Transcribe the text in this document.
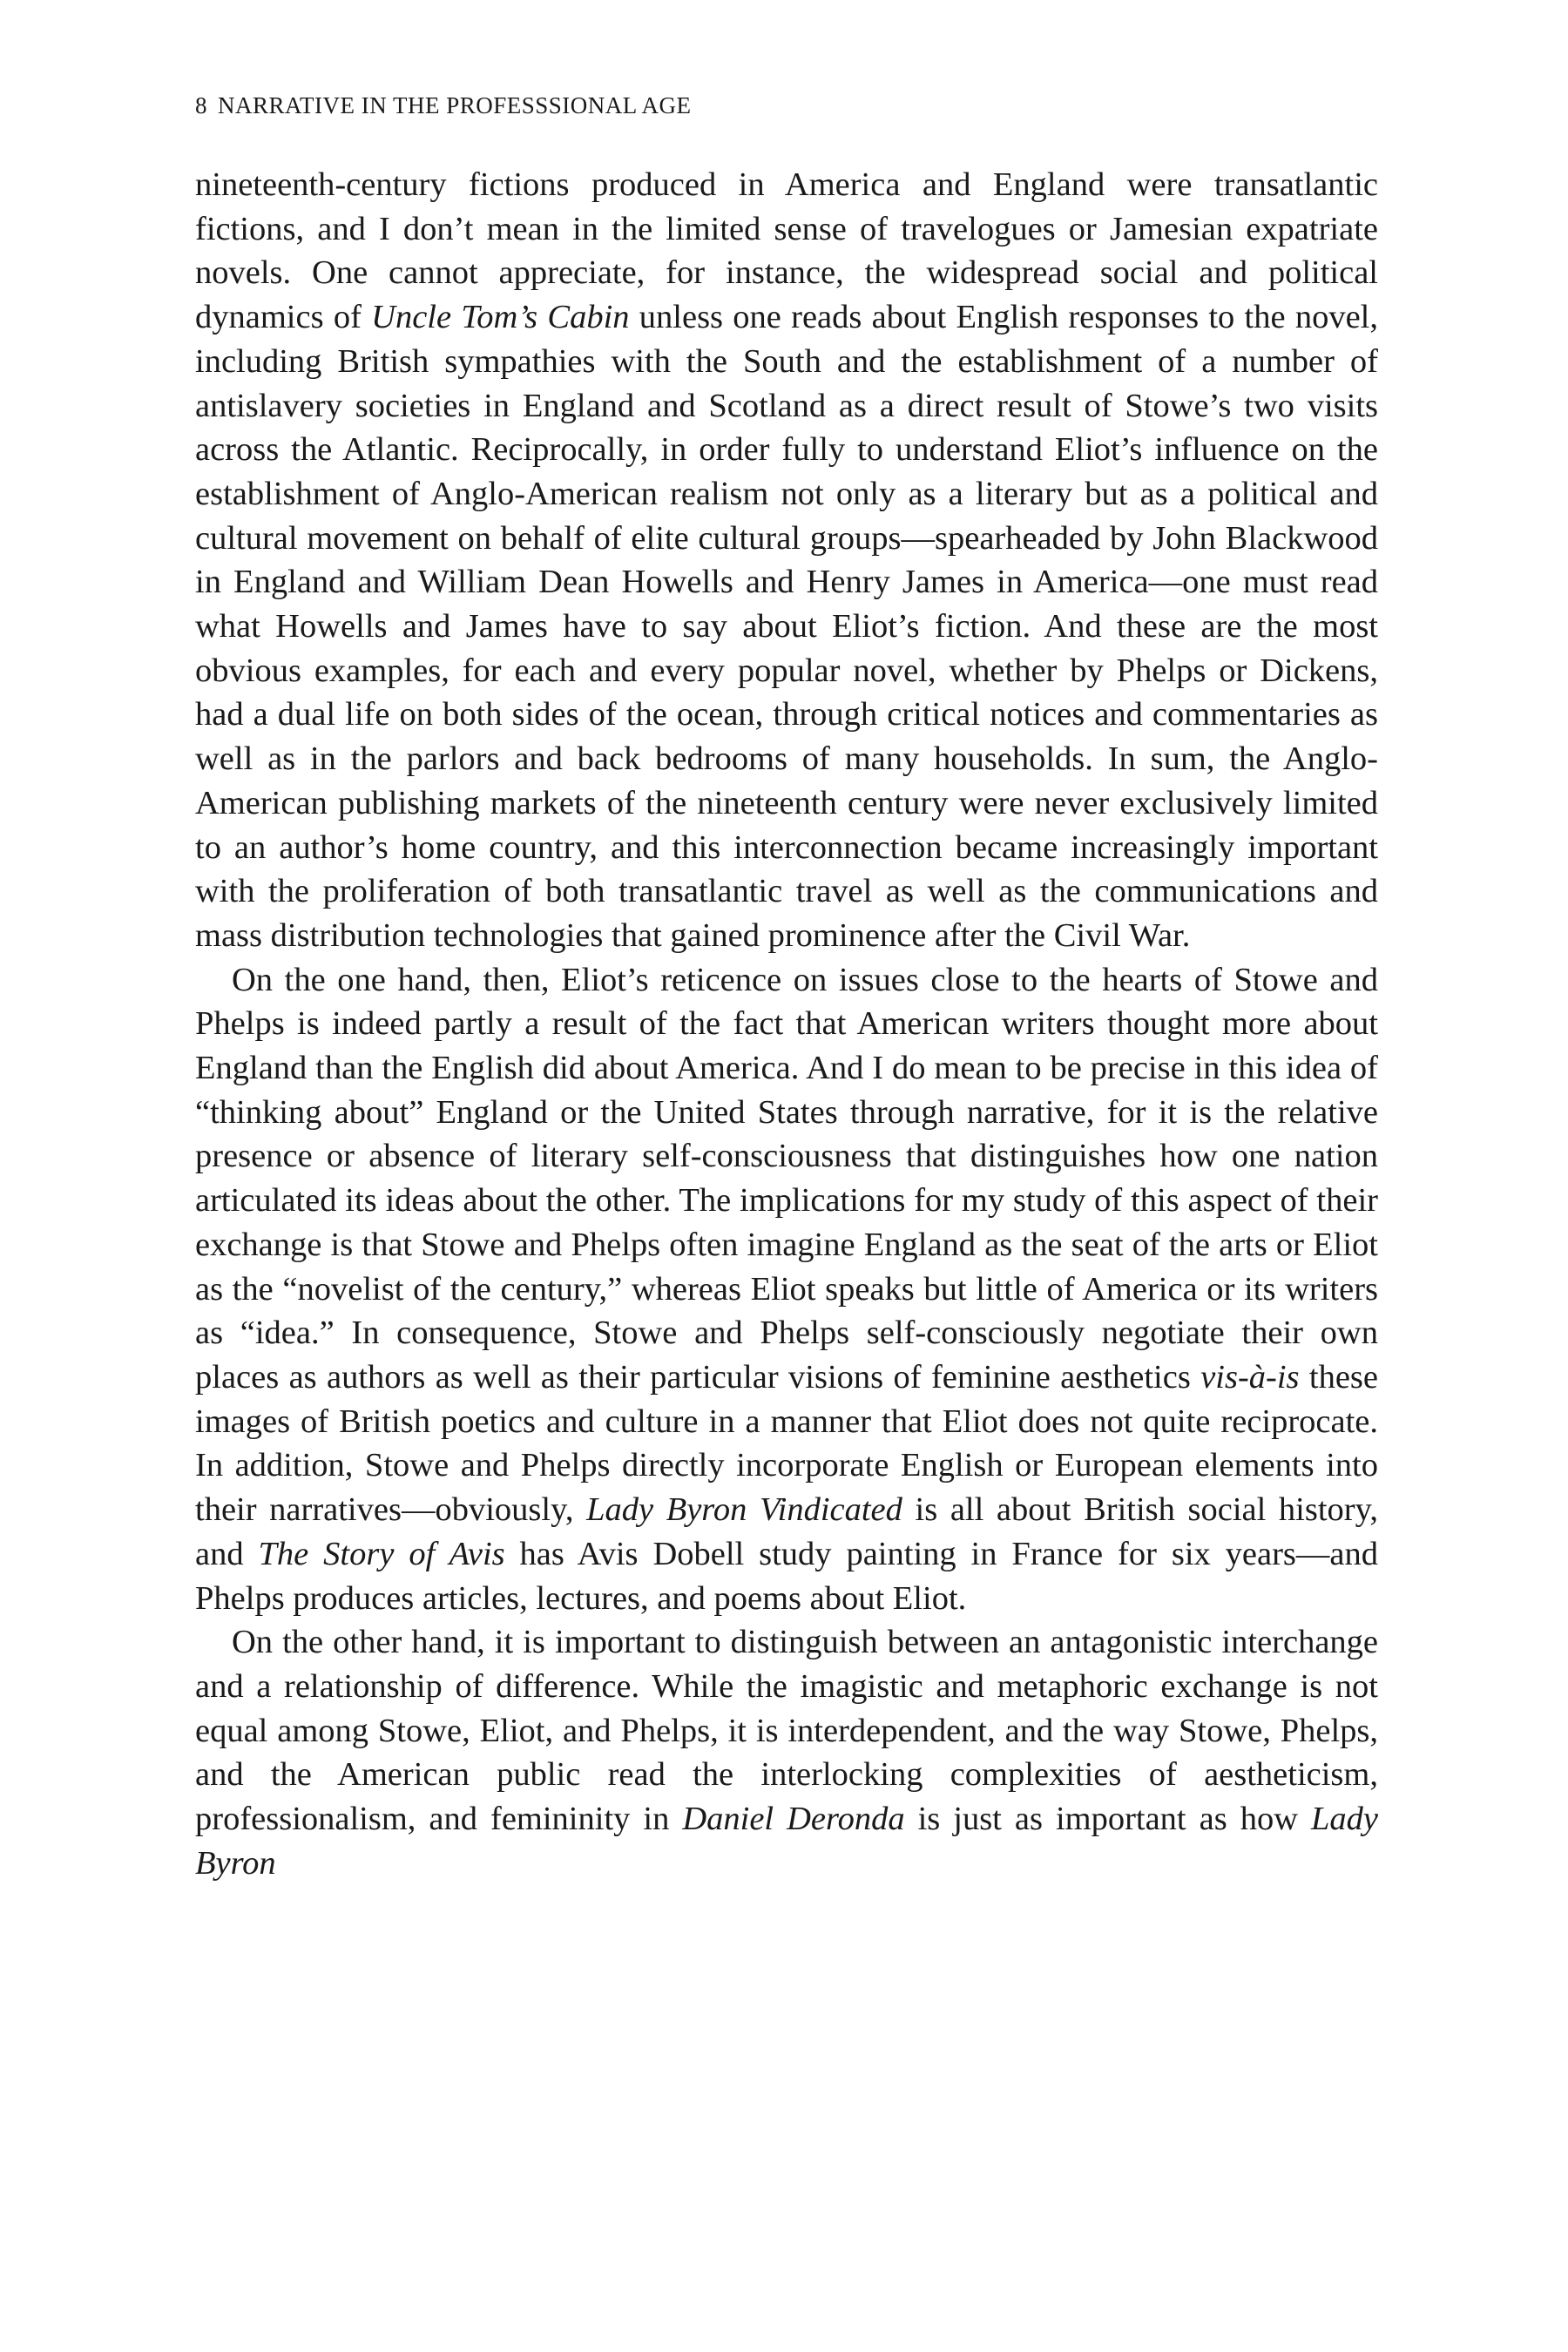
8 NARRATIVE IN THE PROFESSSIONAL AGE

nineteenth-century fictions produced in America and England were transatlantic fictions, and I don’t mean in the limited sense of travelogues or Jamesian expatriate novels. One cannot appreciate, for instance, the widespread social and political dynamics of Uncle Tom’s Cabin unless one reads about English responses to the novel, including British sympathies with the South and the establishment of a number of antislavery societies in England and Scotland as a direct result of Stowe’s two visits across the Atlantic. Reciprocally, in order fully to understand Eliot’s influence on the establishment of Anglo-American realism not only as a literary but as a political and cultural movement on behalf of elite cultural groups—spearheaded by John Blackwood in England and William Dean Howells and Henry James in America—one must read what Howells and James have to say about Eliot’s fiction. And these are the most obvious examples, for each and every popular novel, whether by Phelps or Dickens, had a dual life on both sides of the ocean, through critical notices and commentaries as well as in the parlors and back bedrooms of many households. In sum, the Anglo-American publishing markets of the nineteenth century were never exclusively limited to an author’s home country, and this interconnection became increasingly important with the proliferation of both transatlantic travel as well as the communications and mass distribution technologies that gained prominence after the Civil War.

On the one hand, then, Eliot’s reticence on issues close to the hearts of Stowe and Phelps is indeed partly a result of the fact that American writers thought more about England than the English did about America. And I do mean to be precise in this idea of “thinking about” England or the United States through narrative, for it is the relative presence or absence of literary self-consciousness that distinguishes how one nation articulated its ideas about the other. The implications for my study of this aspect of their exchange is that Stowe and Phelps often imagine England as the seat of the arts or Eliot as the “novelist of the century,” whereas Eliot speaks but little of America or its writers as “idea.” In consequence, Stowe and Phelps self-consciously negotiate their own places as authors as well as their particular visions of feminine aesthetics vis-à-is these images of British poetics and culture in a manner that Eliot does not quite reciprocate. In addition, Stowe and Phelps directly incorporate English or European elements into their narratives—obviously, Lady Byron Vindicated is all about British social history, and The Story of Avis has Avis Dobell study painting in France for six years—and Phelps produces articles, lectures, and poems about Eliot.

On the other hand, it is important to distinguish between an antagonistic interchange and a relationship of difference. While the imagistic and metaphoric exchange is not equal among Stowe, Eliot, and Phelps, it is interdependent, and the way Stowe, Phelps, and the American public read the interlocking complexities of aestheticism, professionalism, and femininity in Daniel Deronda is just as important as how Lady Byron
